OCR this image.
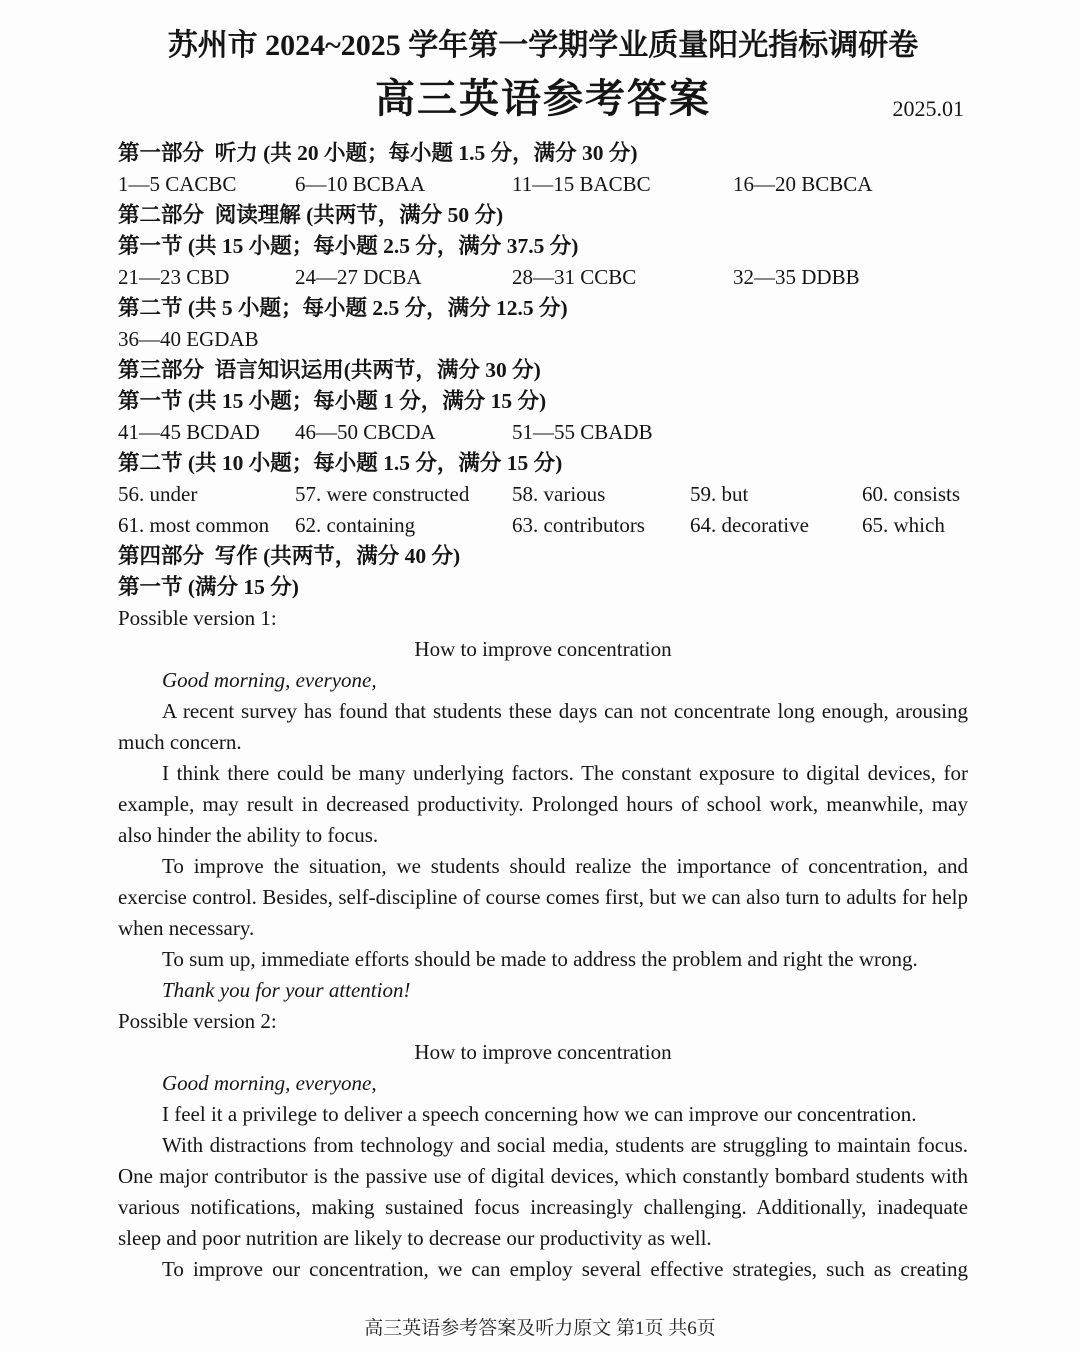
苏州市 2024~2025 学年第一学期学业质量阳光指标调研卷
高三英语参考答案	2025.01
第一部分  听力 (共 20 小题；每小题 1.5 分，满分 30 分)
1—5 CACBC	6—10 BCBAA	11—15 BACBC	16—20 BCBCA
第二部分  阅读理解 (共两节，满分 50 分)
第一节 (共 15 小题；每小题 2.5 分，满分 37.5 分)
21—23 CBD	24—27 DCBA	28—31 CCBC	32—35 DDBB
第二节 (共 5 小题；每小题 2.5 分，满分 12.5 分)
36—40 EGDAB
第三部分  语言知识运用(共两节，满分 30 分)
第一节 (共 15 小题；每小题 1 分，满分 15 分)
41—45 BCDAD	46—50 CBCDA	51—55 CBADB
第二节 (共 10 小题；每小题 1.5 分，满分 15 分)
56. under	57. were constructed	58. various	59. but	60. consists
61. most common	62. containing	63. contributors	64. decorative	65. which
第四部分  写作 (共两节，满分 40 分)
第一节 (满分 15 分)

Possible version 1:

How to improve concentration

Good morning, everyone,

A recent survey has found that students these days can not concentrate long enough, arousing much concern.

I think there could be many underlying factors. The constant exposure to digital devices, for example, may result in decreased productivity. Prolonged hours of school work, meanwhile, may also hinder the ability to focus.

To improve the situation, we students should realize the importance of concentration, and exercise control. Besides, self-discipline of course comes first, but we can also turn to adults for help when necessary.

To sum up, immediate efforts should be made to address the problem and right the wrong.

Thank you for your attention!

Possible version 2:

How to improve concentration

Good morning, everyone,

I feel it a privilege to deliver a speech concerning how we can improve our concentration.

With distractions from technology and social media, students are struggling to maintain focus. One major contributor is the passive use of digital devices, which constantly bombard students with various notifications, making sustained focus increasingly challenging. Additionally, inadequate sleep and poor nutrition are likely to decrease our productivity as well.

To improve our concentration, we can employ several effective strategies, such as creating

高三英语参考答案及听力原文 第1页 共6页
